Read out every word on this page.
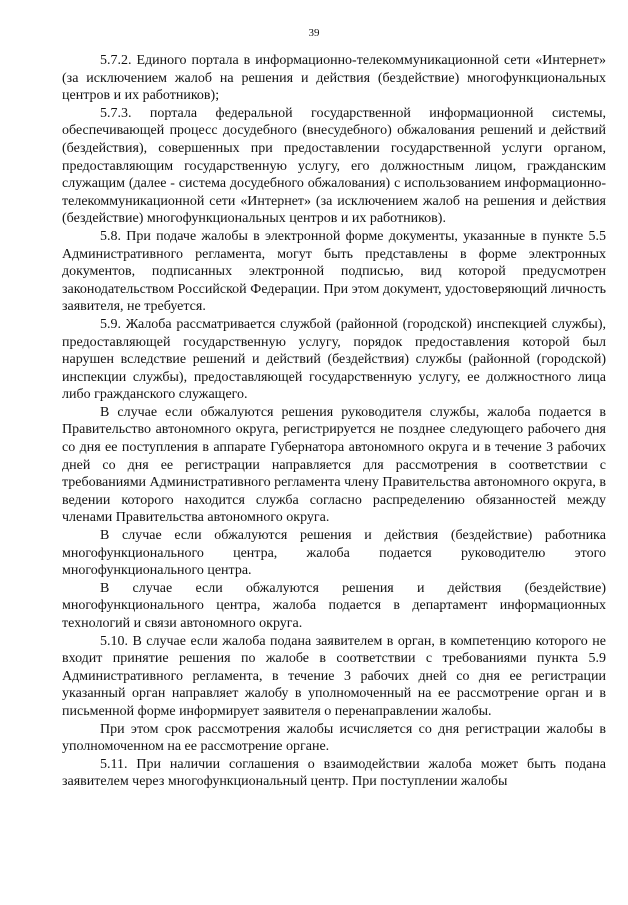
39

5.7.2. Единого портала в информационно-телекоммуникационной сети «Интернет» (за исключением жалоб на решения и действия (бездействие) многофункциональных центров и их работников);

5.7.3. портала федеральной государственной информационной системы, обеспечивающей процесс досудебного (внесудебного) обжалования решений и действий (бездействия), совершенных при предоставлении государственной услуги органом, предоставляющим государственную услугу, его должностным лицом, гражданским служащим (далее - система досудебного обжалования) с использованием информационно-телекоммуникационной сети «Интернет» (за исключением жалоб на решения и действия (бездействие) многофункциональных центров и их работников).

5.8. При подаче жалобы в электронной форме документы, указанные в пункте 5.5 Административного регламента, могут быть представлены в форме электронных документов, подписанных электронной подписью, вид которой предусмотрен законодательством Российской Федерации. При этом документ, удостоверяющий личность заявителя, не требуется.

5.9. Жалоба рассматривается службой (районной (городской) инспекцией службы), предоставляющей государственную услугу, порядок предоставления которой был нарушен вследствие решений и действий (бездействия) службы (районной (городской) инспекции службы), предоставляющей государственную услугу, ее должностного лица либо гражданского служащего.

В случае если обжалуются решения руководителя службы, жалоба подается в Правительство автономного округа, регистрируется не позднее следующего рабочего дня со дня ее поступления в аппарате Губернатора автономного округа и в течение 3 рабочих дней со дня ее регистрации направляется для рассмотрения в соответствии с требованиями Административного регламента члену Правительства автономного округа, в ведении которого находится служба согласно распределению обязанностей между членами Правительства автономного округа.

В случае если обжалуются решения и действия (бездействие) работника многофункционального центра, жалоба подается руководителю этого многофункционального центра.

В случае если обжалуются решения и действия (бездействие) многофункционального центра, жалоба подается в департамент информационных технологий и связи автономного округа.

5.10. В случае если жалоба подана заявителем в орган, в компетенцию которого не входит принятие решения по жалобе в соответствии с требованиями пункта 5.9 Административного регламента, в течение 3 рабочих дней со дня ее регистрации указанный орган направляет жалобу в уполномоченный на ее рассмотрение орган и в письменной форме информирует заявителя о перенаправлении жалобы.

При этом срок рассмотрения жалобы исчисляется со дня регистрации жалобы в уполномоченном на ее рассмотрение органе.

5.11. При наличии соглашения о взаимодействии жалоба может быть подана заявителем через многофункциональный центр. При поступлении жалобы
